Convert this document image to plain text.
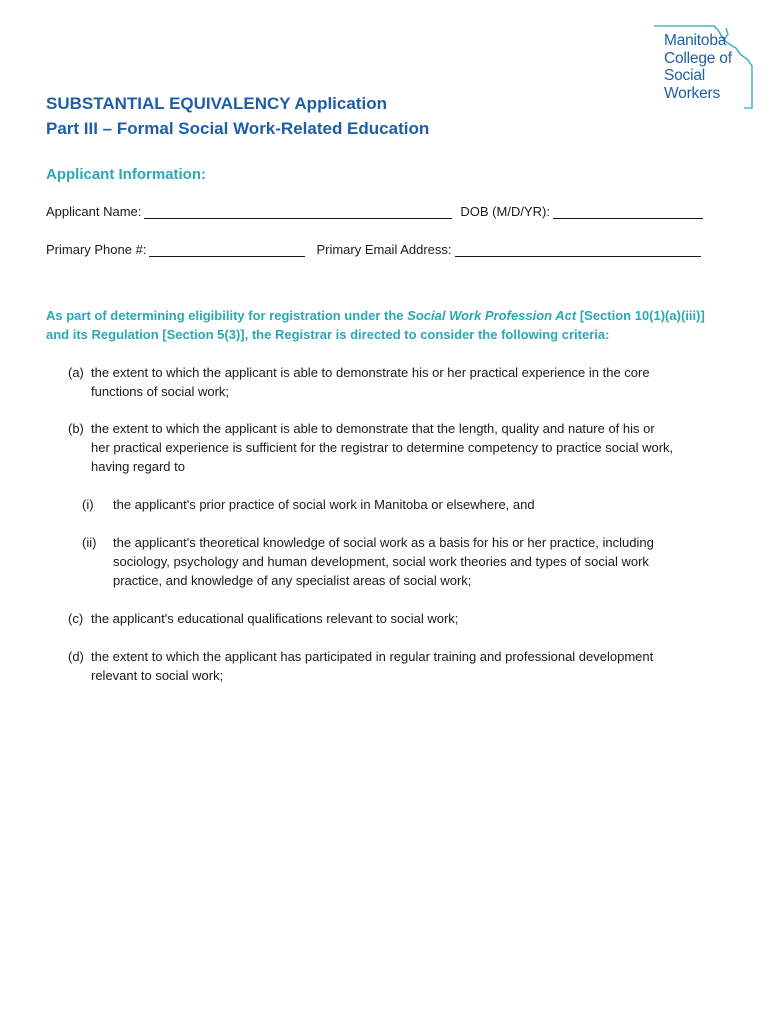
Manitoba
College of
Social
Workers
SUBSTANTIAL EQUIVALENCY Application
Part III – Formal Social Work-Related Education
Applicant Information:
Applicant Name:	DOB (M/D/YR):
Primary Phone #:	Primary Email Address:
As part of determining eligibility for registration under the Social Work Profession Act [Section 10(1)(a)(iii)]
and its Regulation [Section 5(3)], the Registrar is directed to consider the following criteria:
(a) the extent to which the applicant is able to demonstrate his or her practical experience in the core
functions of social work;
(b) the extent to which the applicant is able to demonstrate that the length, quality and nature of his or
her practical experience is sufficient for the registrar to determine competency to practice social work,
having regard to
(i) the applicant's prior practice of social work in Manitoba or elsewhere, and
(ii) the applicant's theoretical knowledge of social work as a basis for his or her practice, including
sociology, psychology and human development, social work theories and types of social work
practice, and knowledge of any specialist areas of social work;
(c) the applicant's educational qualifications relevant to social work;
(d) the extent to which the applicant has participated in regular training and professional development
relevant to social work;
